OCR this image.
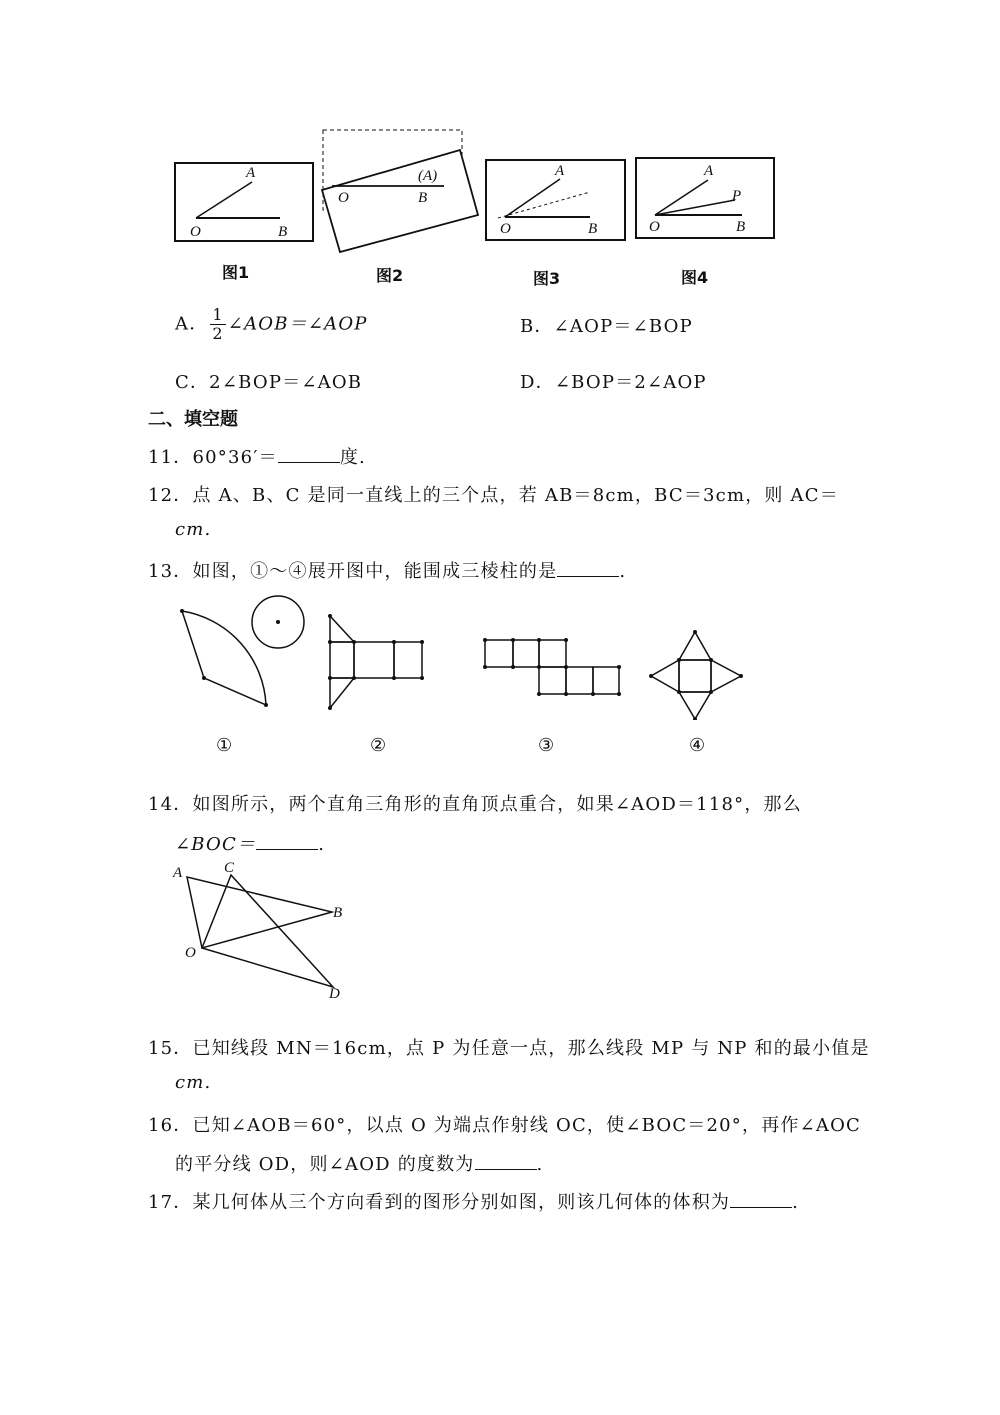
A
O	B
O	B
(A)	A
O	B
A
P
O	B
图1	图2	图3	图4
A． $\frac{1}{2}$ ∠AOB＝∠AOP	B．∠AOP＝∠BOP
C．2∠BOP＝∠AOB	D．∠BOP＝2∠AOP
二、填空题
11．60°36′＝	度.
12．点 A、B、C 是同一直线上的三个点，若 AB＝8cm，BC＝3cm，则 AC＝
cm.
13．如图，①～④展开图中，能围成三棱柱的是	.
①	②	③	④
14．如图所示，两个直角三角形的直角顶点重合，如果∠AOD＝118°，那么
∠BOC＝	.
A	C
B
O
D
15．已知线段 MN＝16cm，点 P 为任意一点，那么线段 MP 与 NP 和的最小值是
cm.
16．已知∠AOB＝60°，以点 O 为端点作射线 OC，使∠BOC＝20°，再作∠AOC
的平分线 OD，则∠AOD 的度数为	.
17．某几何体从三个方向看到的图形分别如图，则该几何体的体积为	.
